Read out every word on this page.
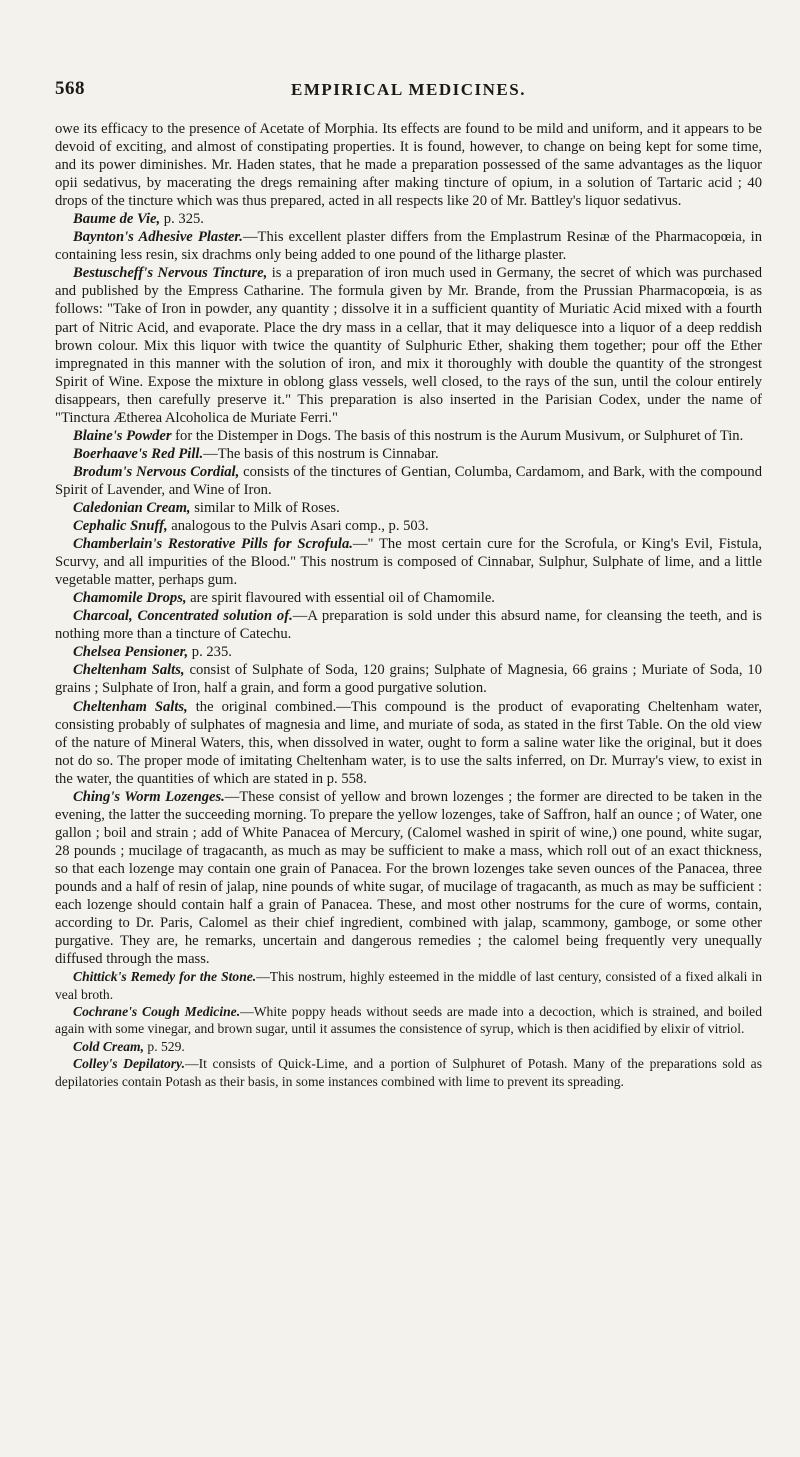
568	EMPIRICAL MEDICINES.

owe its efficacy to the presence of Acetate of Morphia. Its effects are found to be mild and uniform, and it appears to be devoid of exciting, and almost of constipating properties. It is found, however, to change on being kept for some time, and its power diminishes. Mr. Haden states, that he made a preparation possessed of the same advantages as the liquor opii sedativus, by macerating the dregs remaining after making tincture of opium, in a solution of Tartaric acid ; 40 drops of the tincture which was thus prepared, acted in all respects like 20 of Mr. Battley's liquor sedativus.

Baume de Vie, p. 325.

Baynton's Adhesive Plaster.—This excellent plaster differs from the Emplastrum Resinæ of the Pharmacopœia, in containing less resin, six drachms only being added to one pound of the litharge plaster.

Bestuscheff's Nervous Tincture, is a preparation of iron much used in Germany, the secret of which was purchased and published by the Empress Catharine. The formula given by Mr. Brande, from the Prussian Pharmacopœia, is as follows: "Take of Iron in powder, any quantity ; dissolve it in a sufficient quantity of Muriatic Acid mixed with a fourth part of Nitric Acid, and evaporate. Place the dry mass in a cellar, that it may deliquesce into a liquor of a deep reddish brown colour. Mix this liquor with twice the quantity of Sulphuric Ether, shaking them together; pour off the Ether impregnated in this manner with the solution of iron, and mix it thoroughly with double the quantity of the strongest Spirit of Wine. Expose the mixture in oblong glass vessels, well closed, to the rays of the sun, until the colour entirely disappears, then carefully preserve it." This preparation is also inserted in the Parisian Codex, under the name of "Tinctura Ætherea Alcoholica de Muriate Ferri."

Blaine's Powder for the Distemper in Dogs. The basis of this nostrum is the Aurum Musivum, or Sulphuret of Tin.

Boerhaave's Red Pill.—The basis of this nostrum is Cinnabar.

Brodum's Nervous Cordial, consists of the tinctures of Gentian, Columba, Cardamom, and Bark, with the compound Spirit of Lavender, and Wine of Iron.

Caledonian Cream, similar to Milk of Roses.

Cephalic Snuff, analogous to the Pulvis Asari comp., p. 503.

Chamberlain's Restorative Pills for Scrofula.—" The most certain cure for the Scrofula, or King's Evil, Fistula, Scurvy, and all impurities of the Blood." This nostrum is composed of Cinnabar, Sulphur, Sulphate of lime, and a little vegetable matter, perhaps gum.

Chamomile Drops, are spirit flavoured with essential oil of Chamomile.

Charcoal, Concentrated solution of.—A preparation is sold under this absurd name, for cleansing the teeth, and is nothing more than a tincture of Catechu.

Chelsea Pensioner, p. 235.

Cheltenham Salts, consist of Sulphate of Soda, 120 grains; Sulphate of Magnesia, 66 grains ; Muriate of Soda, 10 grains ; Sulphate of Iron, half a grain, and form a good purgative solution.

Cheltenham Salts, the original combined.—This compound is the product of evaporating Cheltenham water, consisting probably of sulphates of magnesia and lime, and muriate of soda, as stated in the first Table. On the old view of the nature of Mineral Waters, this, when dissolved in water, ought to form a saline water like the original, but it does not do so. The proper mode of imitating Cheltenham water, is to use the salts inferred, on Dr. Murray's view, to exist in the water, the quantities of which are stated in p. 558.

Ching's Worm Lozenges.—These consist of yellow and brown lozenges ; the former are directed to be taken in the evening, the latter the succeeding morning. To prepare the yellow lozenges, take of Saffron, half an ounce ; of Water, one gallon ; boil and strain ; add of White Panacea of Mercury, (Calomel washed in spirit of wine,) one pound, white sugar, 28 pounds ; mucilage of tragacanth, as much as may be sufficient to make a mass, which roll out of an exact thickness, so that each lozenge may contain one grain of Panacea. For the brown lozenges take seven ounces of the Panacea, three pounds and a half of resin of jalap, nine pounds of white sugar, of mucilage of tragacanth, as much as may be sufficient : each lozenge should contain half a grain of Panacea. These, and most other nostrums for the cure of worms, contain, according to Dr. Paris, Calomel as their chief ingredient, combined with jalap, scammony, gamboge, or some other purgative. They are, he remarks, uncertain and dangerous remedies ; the calomel being frequently very unequally diffused through the mass.

Chittick's Remedy for the Stone.—This nostrum, highly esteemed in the middle of last century, consisted of a fixed alkali in veal broth.

Cochrane's Cough Medicine.—White poppy heads without seeds are made into a decoction, which is strained, and boiled again with some vinegar, and brown sugar, until it assumes the consistence of syrup, which is then acidified by elixir of vitriol.

Cold Cream, p. 529.

Colley's Depilatory.—It consists of Quick-Lime, and a portion of Sulphuret of Potash. Many of the preparations sold as depilatories contain Potash as their basis, in some instances combined with lime to prevent its spreading.
